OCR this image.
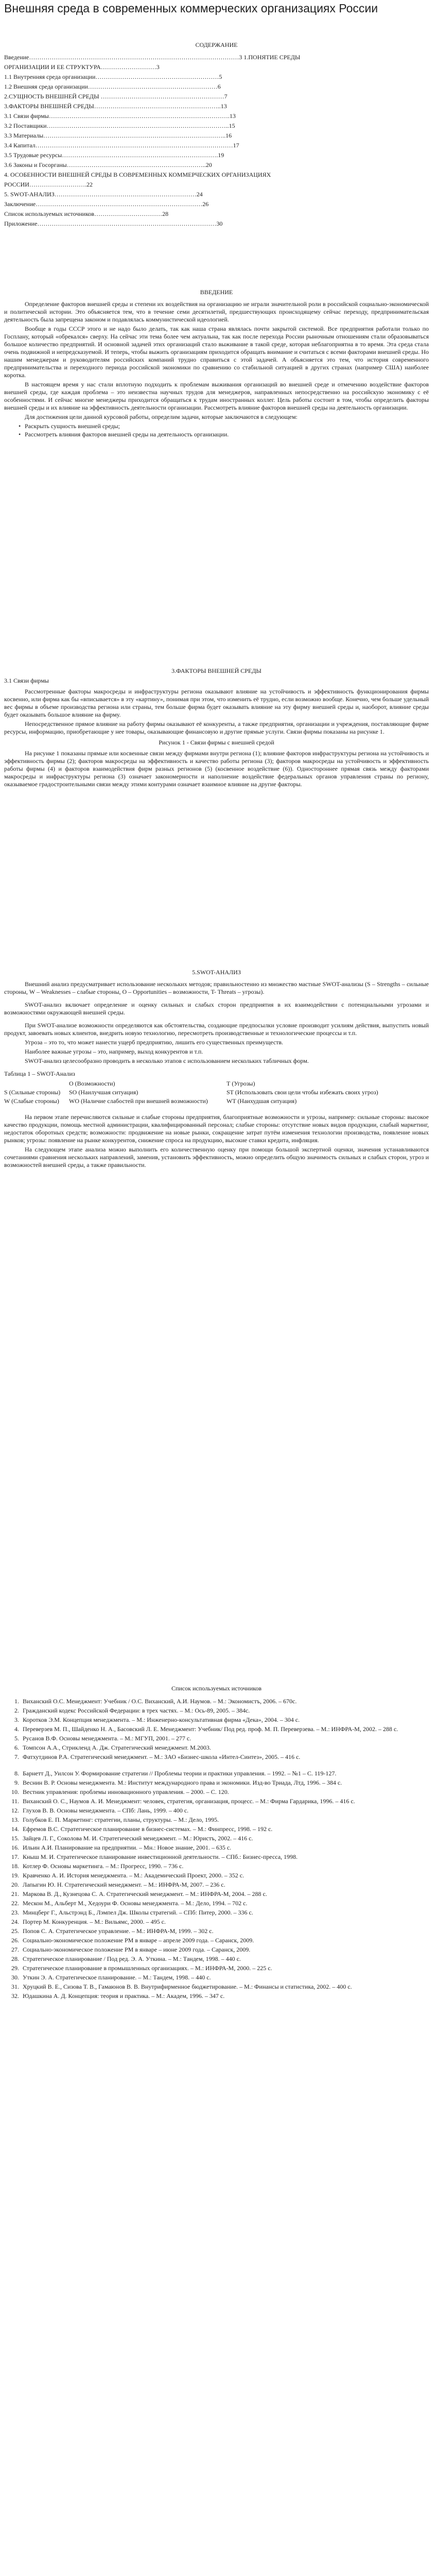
Внешняя среда в современных коммерческих организациях России
СОДЕРЖАНИЕ
Введение…………………………………………………………………………………………3 1.ПОНЯТИЕ СРЕДЫ
ОРГАНИЗАЦИИ И ЕЕ СТРУКТУРА………………………3
1.1 Внутренняя среда организации……………………………………………………5
1.2 Внешняя среда организации………………………………………………………6
2.СУЩНОСТЬ ВНЕШНЕЙ СРЕДЫ ……………………………………………………7
3.ФАКТОРЫ ВНЕШНЕЙ СРЕДЫ……………………………………………………..13
3.1 Связи фирмы…………………………………………………………………………….13
3.2 Поставщики……………………………………………………………………………..15
3.3 Материалы……………………………………………………………………………..16
3.4 Капитал……………………………………………………………………………………17
3.5 Трудовые ресурсы………………………………………………………………….19
3.6 Законы и Госорганы…………………………………………………………..20
4. ОСОБЕННОСТИ ВНЕШНЕЙ СРЕДЫ В СОВРЕМЕННЫХ КОММЕРЧЕСКИХ ОРГАНИЗАЦИЯХ
РОССИИ……………………….22
5. SWOT-АНАЛИЗ……………………………………………………………24
Заключение………………………………………………………………………26
Список используемых источников……………………………28
Приложение……………………………………………………………………………30
ВВЕДЕНИЕ

Определение факторов внешней среды и степени их воздействия на организацию не играли значительной роли в российской социально-экономической и политической истории. Это объясняется тем, что в течение семи десятилетий, предшествующих происходящему сейчас переходу, предпринимательская деятельность была запрещена законом и подавлялась коммунистической идеологией.

Вообще в годы СССР этого и не надо было делать, так как наша страна являлась почти закрытой системой. Все предприятия работали только по Госплану, который «обрекался» сверху. На сейчас эти тема более чем актуальна, так как после перехода России рыночным отношениям стали образовываться большое количество предприятий. И основной задачей этих организаций стало выживание в такой среде, которая неблагоприятна в то время. Эта среда стала очень подвижной и непредсказуемой. И теперь, чтобы выжить организациям приходится обращать внимание и считаться с всеми факторами внешней среды. Но нашим менеджерам и руководителям российских компаний трудно справиться с этой задачей. А объясняется это тем, что история современного предпринимательства и переходного периода российской экономики по сравнению со стабильной ситуацией в других странах (например США) наиболее коротка.

В настоящем время у нас стали вплотную подходить к проблемам выживания организаций во внешней среде и отмечению воздействие факторов внешней среды, где каждая проблема – это неизвестна научных трудов для менеджеров, направленных непосредственно на российскую экономику с её особенностями. И сейчас многие менеджеры приходится обращаться к трудам иностранных коллег. Цель работы состоит в том, чтобы определить факторы внешней среды и их влияние на эффективность деятельности организации. Рассмотреть влияние факторов внешней среды на деятельность организации.

Для достижения цели данной курсовой работы, определим задачи, которые заключаются в следующем:

• Раскрыть сущность внешней среды;
• Рассмотреть влияния факторов внешней среды на деятельность организации.
3.ФАКТОРЫ ВНЕШНЕЙ СРЕДЫ
3.1 Связи фирмы

Рассмотренные факторы макросреды и инфраструктуры региона оказывают влияние на устойчивость и эффективность функционирования фирмы косвенно, или фирма как бы «вписывается» в эту «картину», понимая при этом, что изменить её трудно, если возможно вообще. Конечно, чем больше удельный вес фирмы в объеме производства региона или страны, тем больше фирма будет оказывать влияние на эту фирму внешней среды и, наоборот, влияние среды будет оказывать большое влияние на фирму.

Непосредственное прямое влияние на работу фирмы оказывают её конкуренты, а также предприятия, организации и учреждения, поставляющие фирме ресурсы, информацию, приобретающие у нее товары, оказывающие финансовую и другие прямые услуги. Связи фирмы показаны на рисунке 1.

Рисунок 1 - Связи фирмы с внешней средой

На рисунке 1 показаны прямые или косвенные связи между фирмами внутри региона (1); влияние факторов инфраструктуры региона на устойчивость и эффективность фирмы (2); факторов макросреды на эффективность и качество работы региона (3); факторов макросреды на устойчивость и эффективность работы фирмы (4) и факторов взаимодействия фирм разных регионов (5) (косвенное воздействие (6)). Одностороннее прямая связь между факторами макросреды и инфраструктуры региона (3) означает закономерности и наполнение воздействие федеральных органов управления страны по региону, оказываемое градостроительными связи между этими контурами означает взаимное влияние на другие факторы.

5.SWOT-АНАЛИЗ

Внешний анализ предусматривает использование нескольких методов; правильностенно из множество мастные SWOT-анализы (S – Strengths – сильные стороны, W – Weaknesses – слабые стороны, O – Opportunities – возможности, T- Threats – угрозы).

SWOT-анализ включает определение и оценку сильных и слабых сторон предприятия в их взаимодействии с потенциальными угрозами и возможностями окружающей внешней среды.

При SWOT-анализе возможности определяются как обстоятельства, создающие предпосылки условие производит усилиям действия, выпустить новый продукт, завоевать новых клиентов, внедрить новую технологию, пересмотреть производственные и технологические процессы и т.п.

Угроза – это то, что может нанести ущерб предприятию, лишить его существенных преимуществ.

Наиболее важные угрозы – это, например, выход конкурентов и т.п.

SWOT-анализ целесообразно проводить в несколько этапов с использованием нескольких табличных форм.

Таблица 1 – SWOT-Анализ
	О (Возможности)	Т (Угрозы)
S (Сильные стороны)	SO (Наилучшая ситуация)	ST (Использовать свои цели чтобы избежать своих угроз)
W (Слабые стороны)	WO (Наличие слабостей при внешней возможности)	WT (Наихудшая ситуация)

На первом этапе перечисляются сильные и слабые стороны предприятия, благоприятные возможности и угрозы, например: сильные стороны: высокое качество продукции, помощь местной администрации, квалифицированный персонал; слабые стороны: отсутствие новых видов продукции, слабый маркетинг, недостаток оборотных средств; возможности: продвижение на новые рынки, сокращение затрат путём изменения технологии производства, появление новых рынков; угрозы: появление на рынке конкурентов, снижение спроса на продукцию, высокие ставки кредита, инфляция.

На следующем этапе анализа можно выполнить его количественную оценку при помощи большой экспертной оценки, значения устанавливаются сочетаниями сравнения нескольких направлений, заменив, установить эффективность, можно определить общую значимость сильных и слабых сторон, угроз и возможностей внешней среды, а также правильности.

Список используемых источников
1. Виханский О.С. Менеджмент: Учебник / О.С. Виханский, А.И. Наумов. – М.: Экономистъ, 2006. – 670с.
2. Гражданский кодекс Российской Федерации: в трех частях. – М.: Ось-89, 2005. – 384с.
3. Коротков Э.М. Концепция менеджмента. – М.: Инженерно-консультативная фирма «Дека», 2004. – 304 с.
4. Переверзев М. П., Шайденко Н. А., Басовский Л. Е. Менеджмент: Учебник/ Под ред. проф. М. П. Переверзева. – М.: ИНФРА-М, 2002. – 288 с.
5. Русанов В.Ф. Основы менеджмента. – М.: МГУП, 2001. – 277 с.
6. Томпсон А.А., Стрикленд А. Дж. Стратегический менеджмент. М.2003.
7. Фатхутдинов Р.А. Стратегический менеджмент. – М.: ЗАО «Бизнес-школа «Интел-Синтез», 2005. – 416 с.
8. Барнетт Д., Уилсон У. Формирование стратегии // Проблемы теории и практики управления. – 1992. – №1 – С. 119-127.
9. Веснин В. Р. Основы менеджмента. М.: Институт международного права и экономики. Изд-во Триада, Лтд, 1996. – 384 с.
10. Вестник управления: проблемы инновационного управления. – 2000. – С. 120.
11. Виханский О. С., Наумов А. И. Менеджмент: человек, стратегия, организация, процесс. – М.: Фирма Гардарика, 1996. – 416 с.
12. Глухов В. В. Основы менеджмента. – СПб: Лань, 1999. – 400 с.
13. Голубков Е. П. Маркетинг: стратегии, планы, структуры. – М.: Дело, 1995.
14. Ефремов В.С. Стратегическое планирование в бизнес-системах. – М.: Финпресс, 1998. – 192 с.
15. Зайцев Л. Г., Соколова М. И. Стратегический менеджмент. – М.: Юристъ, 2002. – 416 с.
16. Ильин А.И. Планирование на предприятии. – Мн.: Новое знание, 2001. – 635 с.
17. Кныш М. И. Стратегическое планирование инвестиционной деятельности. – СПб.: Бизнес-пресса, 1998.
18. Котлер Ф. Основы маркетинга. – М.: Прогресс, 1990. – 736 с.
19. Кравченко А. И. История менеджмента. – М.: Академический Проект, 2000. – 352 с.
20. Лапыгин Ю. Н. Стратегический менеджмент. – М.: ИНФРА-М, 2007. – 236 с.
21. Маркова В. Д., Кузнецова С. А. Стратегический менеджмент. – М.: ИНФРА-М, 2004. – 288 с.
22. Мескон М., Альберт М., Хедоури Ф. Основы менеджмента. – М.: Дело, 1994. – 702 с.
23. Минцберг Г., Альстрэнд Б., Лэмпел Дж. Школы стратегий. – СПб: Питер, 2000. – 336 с.
24. Портер М. Конкуренция. – М.: Вильямс, 2000. – 495 с.
25. Попов С. А. Стратегическое управление. – М.: ИНФРА-М, 1999. – 302 с.
26. Социально-экономическое положение РМ в январе – апреле 2009 года. – Саранск, 2009.
27. Социально-экономическое положение РМ в январе – июне 2009 года. – Саранск, 2009.
28. Стратегическое планирование / Под ред. Э. А. Уткина. – М.: Тандем, 1998. – 440 с.
29. Стратегическое планирование в промышленных организациях. – М.: ИНФРА-М, 2000. – 225 с.
30. Уткин Э. А. Стратегическое планирование. – М.: Тандем, 1998. – 440 с.
31. Хруцкий В. Е., Сизова Т. В., Гамаюнов В. В. Внутрифирменное бюджетирование. – М.: Финансы и статистика, 2002. – 400 с.
32. Юдашкина А. Д. Концепция: теория и практика. – М.: Академ, 1996. – 347 с.
